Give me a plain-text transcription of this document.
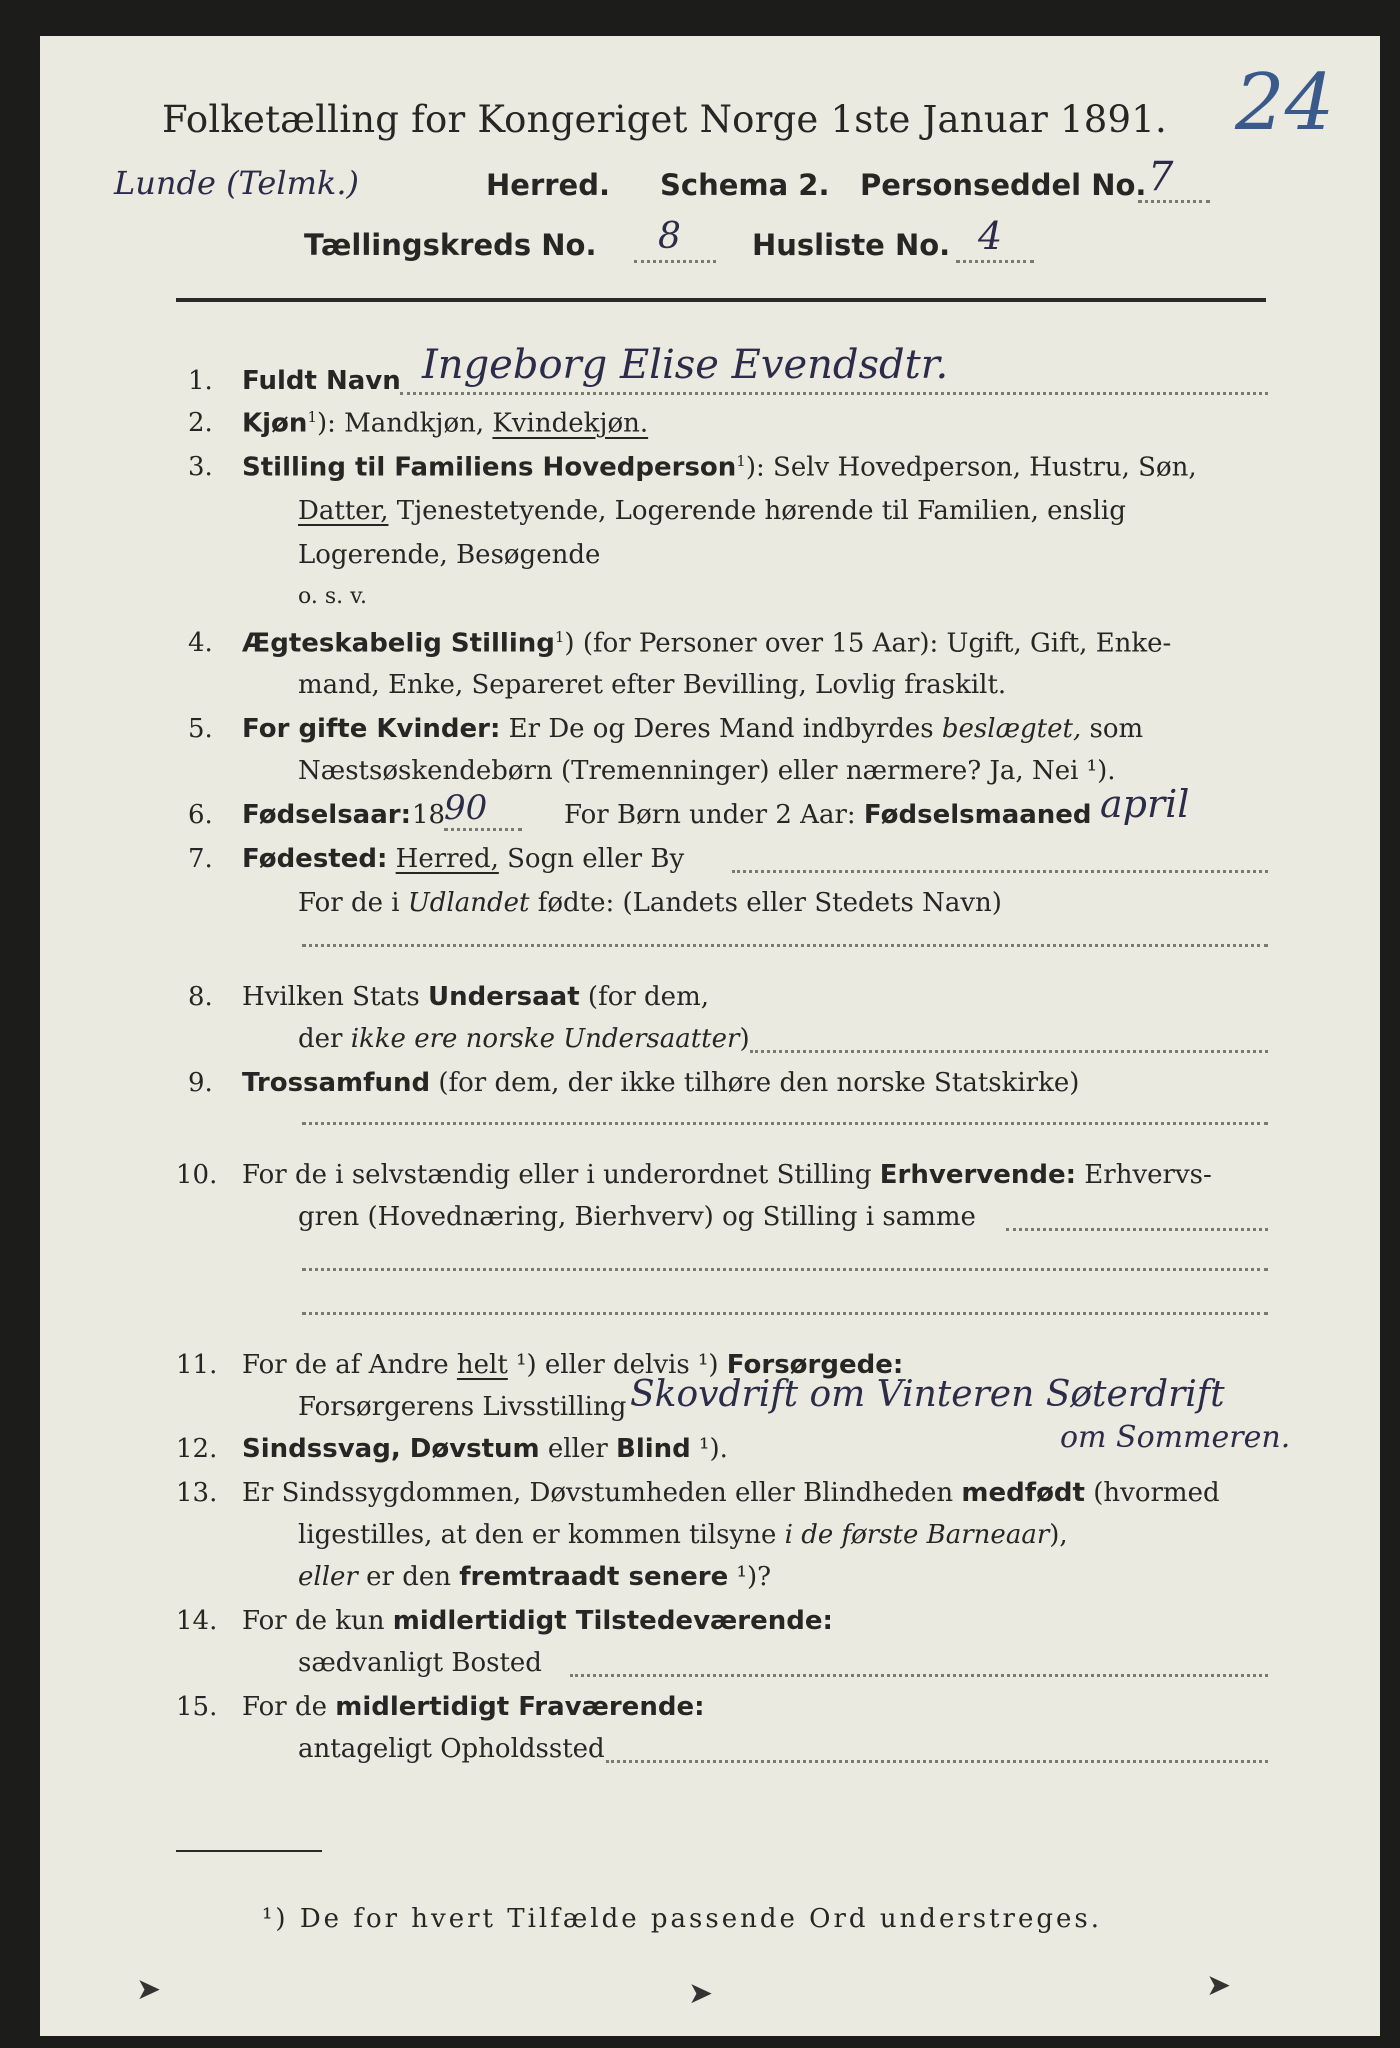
Folketælling for Kongeriget Norge 1ste Januar 1891. 24
Lunde (Telmk.)	Herred. Schema 2. Personseddel No. 7
Tællingskreds No. 8 Husliste No. 4
1. Fuldt Navn Ingeborg Elise Evendsdtr.
2. Kjøn$^1$): Mandkjøn, Kvindekjøn.
3. Stilling til Familiens Hovedperson$^1$): Selv Hovedperson, Hustru, Søn,
Datter, Tjenestetyende, Logerende hørende til Familien, enslig
Logerende, Besøgende
o. s. v.
4. Ægteskabelig Stilling$^1$) (for Personer over 15 Aar): Ugift, Gift, Enke-
mand, Enke, Separeret efter Bevilling, Lovlig fraskilt.
5. For gifte Kvinder: Er De og Deres Mand indbyrdes beslægtet, som
Næstsøskendebørn (Tremenninger) eller nærmere? Ja, Nei ¹).
6. Fødselsaar: 18
90	For Børn under 2 Aar: Fødselsmaaned april
7. Fødested: Herred, Sogn eller By
For de i Udlandet fødte: (Landets eller Stedets Navn)
8. Hvilken Stats Undersaat (for dem,
der ikke ere norske Undersaatter)
9. Trossamfund (for dem, der ikke tilhøre den norske Statskirke)
10. For de i selvstændig eller i underordnet Stilling Erhvervende: Erhvervs-
gren (Hovednæring, Bierhverv) og Stilling i samme
11. For de af Andre helt ¹) eller delvis ¹) Forsørgede:
Forsørgerens Livsstilling Skovdrift om Vinteren Søterdrift
om Sommeren.
12. Sindssvag, Døvstum eller Blind ¹).
13. Er Sindssygdommen, Døvstumheden eller Blindheden medfødt (hvormed
ligestilles, at den er kommen tilsyne i de første Barneaar),
eller er den fremtraadt senere ¹)?
14. For de kun midlertidigt Tilstedeværende:
sædvanligt Bosted
15. For de midlertidigt Fraværende:
antageligt Opholdssted
¹) De for hvert Tilfælde passende Ord understreges.
➤	➤	➤
